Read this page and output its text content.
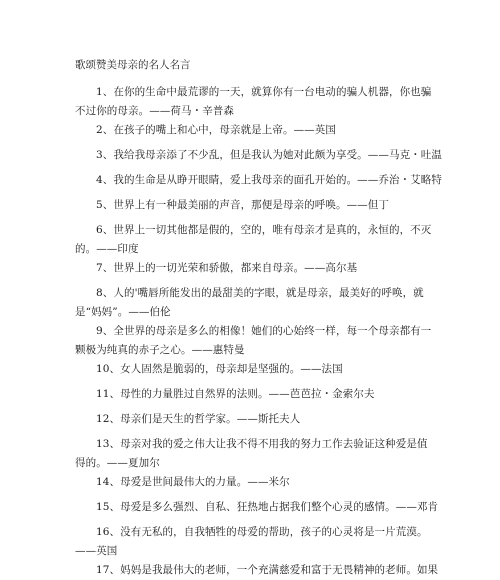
歌颂赞美母亲的名人名言

1、在你的生命中最荒谬的一天，就算你有一台电动的骗人机器，你也骗不过你的母亲。——荷马・辛普森

2、在孩子的嘴上和心中，母亲就是上帝。——英国

3、我给我母亲添了不少乱，但是我认为她对此颇为享受。——马克・吐温

4、我的生命是从睁开眼睛，爱上我母亲的面孔开始的。——乔治・艾略特

5、世界上有一种最美丽的声音，那便是母亲的呼唤。——但丁

6、世界上一切其他都是假的，空的，唯有母亲才是真的，永恒的，不灭的。——印度

7、世界上的一切光荣和骄傲，都来自母亲。——高尔基

8、人的'嘴唇所能发出的最甜美的字眼，就是母亲，最美好的呼唤，就是“妈妈”。——伯伦

9、全世界的母亲是多么的相像！她们的心始终一样，每一个母亲都有一颗极为纯真的赤子之心。——惠特曼

10、女人固然是脆弱的，母亲却是坚强的。——法国

11、母性的力量胜过自然界的法则。——芭芭拉・金索尔夫

12、母亲们是天生的哲学家。——斯托夫人

13、母亲对我的爱之伟大让我不得不用我的努力工作去验证这种爱是值得的。——夏加尔

14、母爱是世间最伟大的力量。——米尔

15、母爱是多么强烈、自私、狂热地占据我们整个心灵的感情。——邓肯

16、没有无私的，自我牺牲的母爱的帮助，孩子的心灵将是一片荒漠。——英国

17、妈妈是我最伟大的老师，一个充满慈爱和富于无畏精神的老师。如果
